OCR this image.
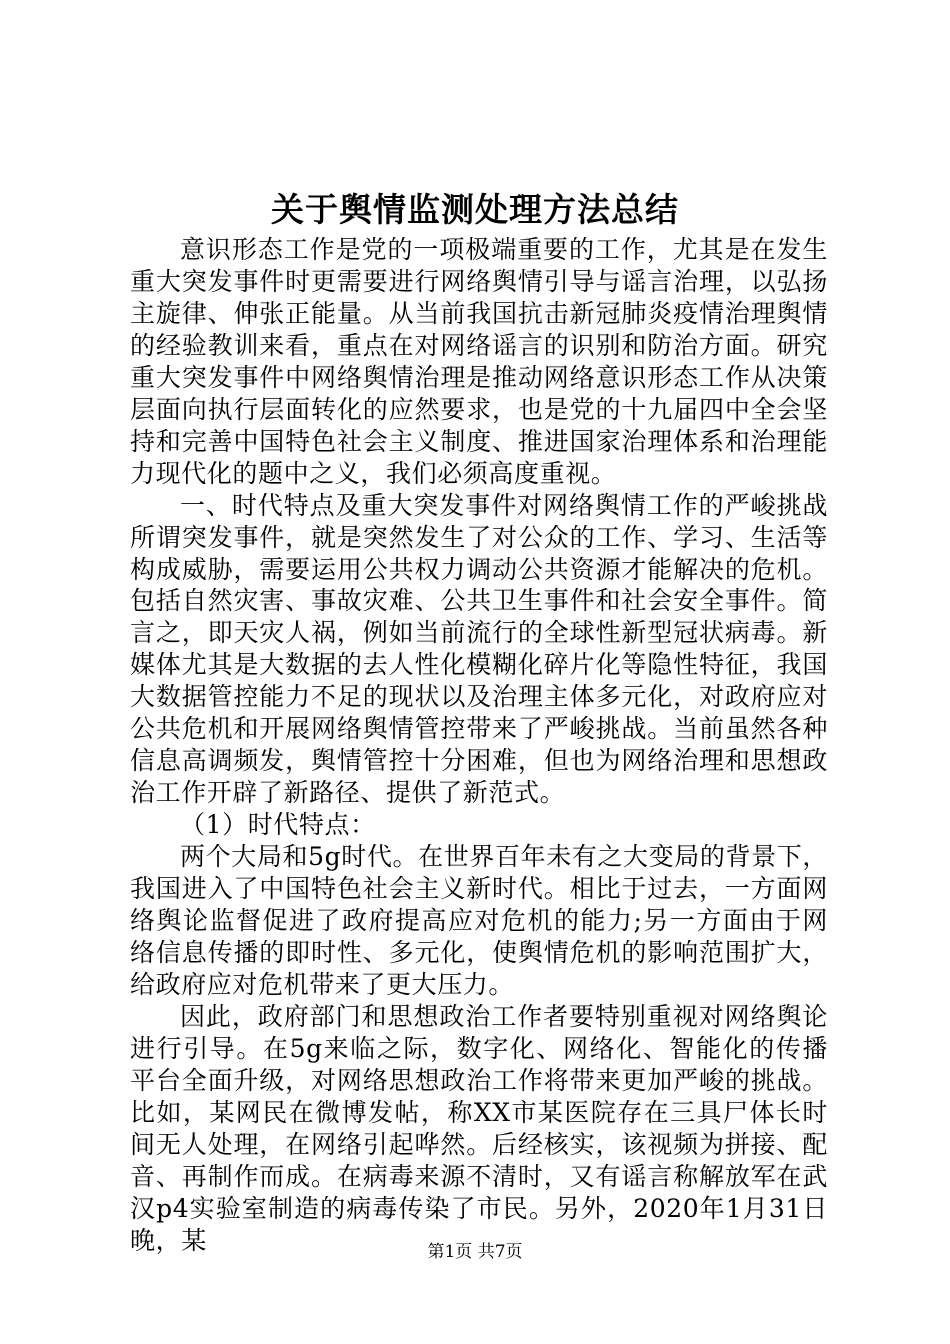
关于舆情监测处理方法总结

意识形态工作是党的一项极端重要的工作，尤其是在发生重大突发事件时更需要进行网络舆情引导与谣言治理，以弘扬主旋律、伸张正能量。从当前我国抗击新冠肺炎疫情治理舆情的经验教训来看，重点在对网络谣言的识别和防治方面。研究重大突发事件中网络舆情治理是推动网络意识形态工作从决策层面向执行层面转化的应然要求，也是党的十九届四中全会坚持和完善中国特色社会主义制度、推进国家治理体系和治理能力现代化的题中之义，我们必须高度重视。

一、时代特点及重大突发事件对网络舆情工作的严峻挑战所谓突发事件，就是突然发生了对公众的工作、学习、生活等构成威胁，需要运用公共权力调动公共资源才能解决的危机。包括自然灾害、事故灾难、公共卫生事件和社会安全事件。简言之，即天灾人祸，例如当前流行的全球性新型冠状病毒。新媒体尤其是大数据的去人性化模糊化碎片化等隐性特征，我国大数据管控能力不足的现状以及治理主体多元化，对政府应对公共危机和开展网络舆情管控带来了严峻挑战。当前虽然各种信息高调频发，舆情管控十分困难，但也为网络治理和思想政治工作开辟了新路径、提供了新范式。

（1）时代特点：

两个大局和5g时代。在世界百年未有之大变局的背景下，我国进入了中国特色社会主义新时代。相比于过去，一方面网络舆论监督促进了政府提高应对危机的能力;另一方面由于网络信息传播的即时性、多元化，使舆情危机的影响范围扩大，给政府应对危机带来了更大压力。

因此，政府部门和思想政治工作者要特别重视对网络舆论进行引导。在5g来临之际，数字化、网络化、智能化的传播平台全面升级，对网络思想政治工作将带来更加严峻的挑战。比如，某网民在微博发帖，称XX市某医院存在三具尸体长时间无人处理，在网络引起哗然。后经核实，该视频为拼接、配音、再制作而成。在病毒来源不清时，又有谣言称解放军在武汉p4实验室制造的病毒传染了市民。另外，2020年1月31日晚，某	第1页 共7页
